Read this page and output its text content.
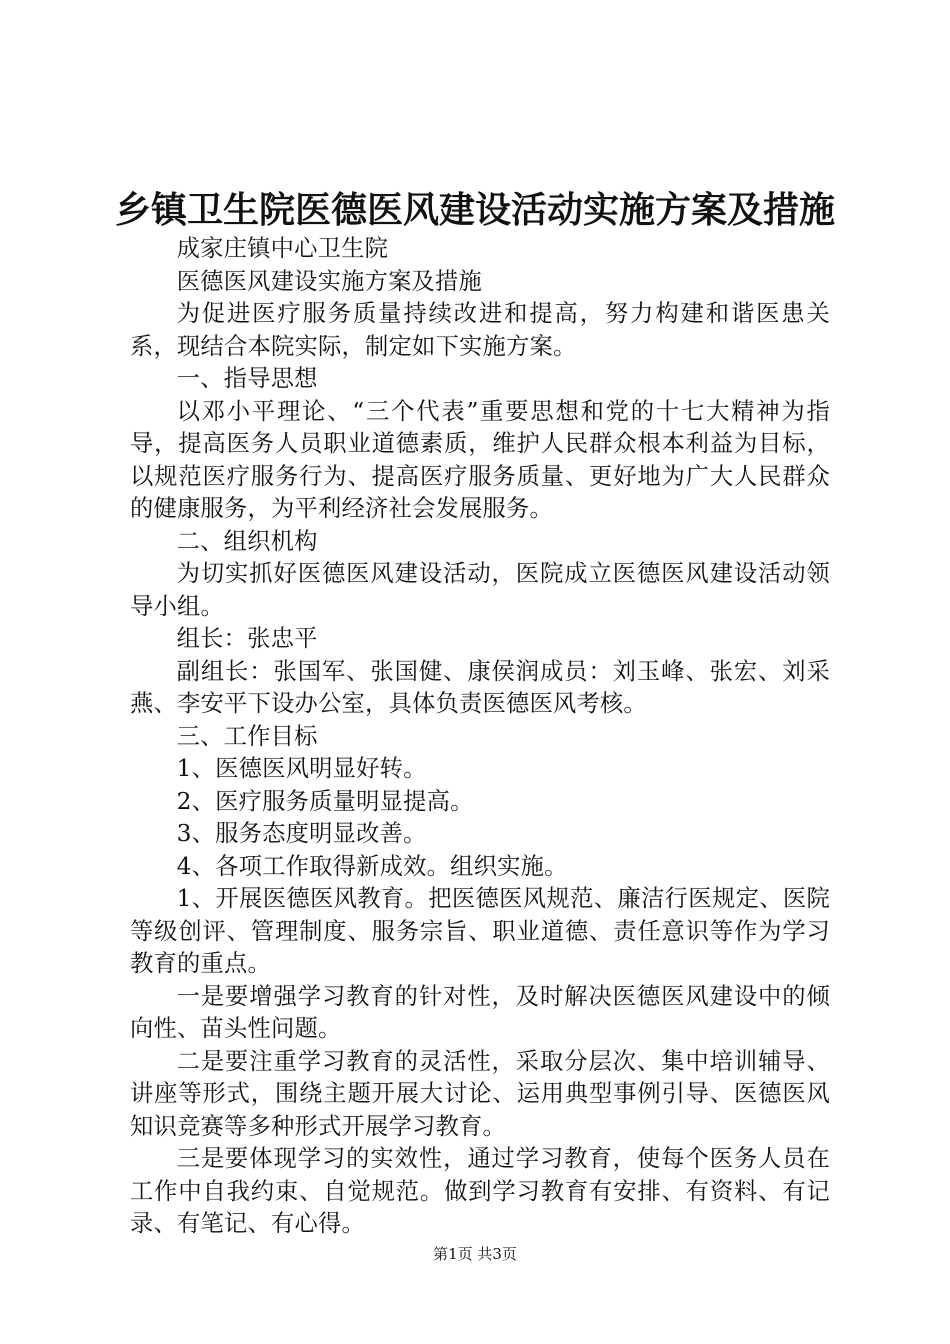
乡镇卫生院医德医风建设活动实施方案及措施

成家庄镇中心卫生院

医德医风建设实施方案及措施

为促进医疗服务质量持续改进和提高，努力构建和谐医患关系，现结合本院实际，制定如下实施方案。

一、指导思想

以邓小平理论、“三个代表”重要思想和党的十七大精神为指导，提高医务人员职业道德素质，维护人民群众根本利益为目标，以规范医疗服务行为、提高医疗服务质量、更好地为广大人民群众的健康服务，为平利经济社会发展服务。

二、组织机构

为切实抓好医德医风建设活动，医院成立医德医风建设活动领导小组。

组长：张忠平

副组长：张国军、张国健、康侯润成员：刘玉峰、张宏、刘采燕、李安平下设办公室，具体负责医德医风考核。

三、工作目标

1、医德医风明显好转。

2、医疗服务质量明显提高。

3、服务态度明显改善。

4、各项工作取得新成效。组织实施。

1、开展医德医风教育。把医德医风规范、廉洁行医规定、医院等级创评、管理制度、服务宗旨、职业道德、责任意识等作为学习教育的重点。

一是要增强学习教育的针对性，及时解决医德医风建设中的倾向性、苗头性问题。

二是要注重学习教育的灵活性，采取分层次、集中培训辅导、讲座等形式，围绕主题开展大讨论、运用典型事例引导、医德医风知识竞赛等多种形式开展学习教育。

三是要体现学习的实效性，通过学习教育，使每个医务人员在工作中自我约束、自觉规范。做到学习教育有安排、有资料、有记录、有笔记、有心得。

第1页 共3页
